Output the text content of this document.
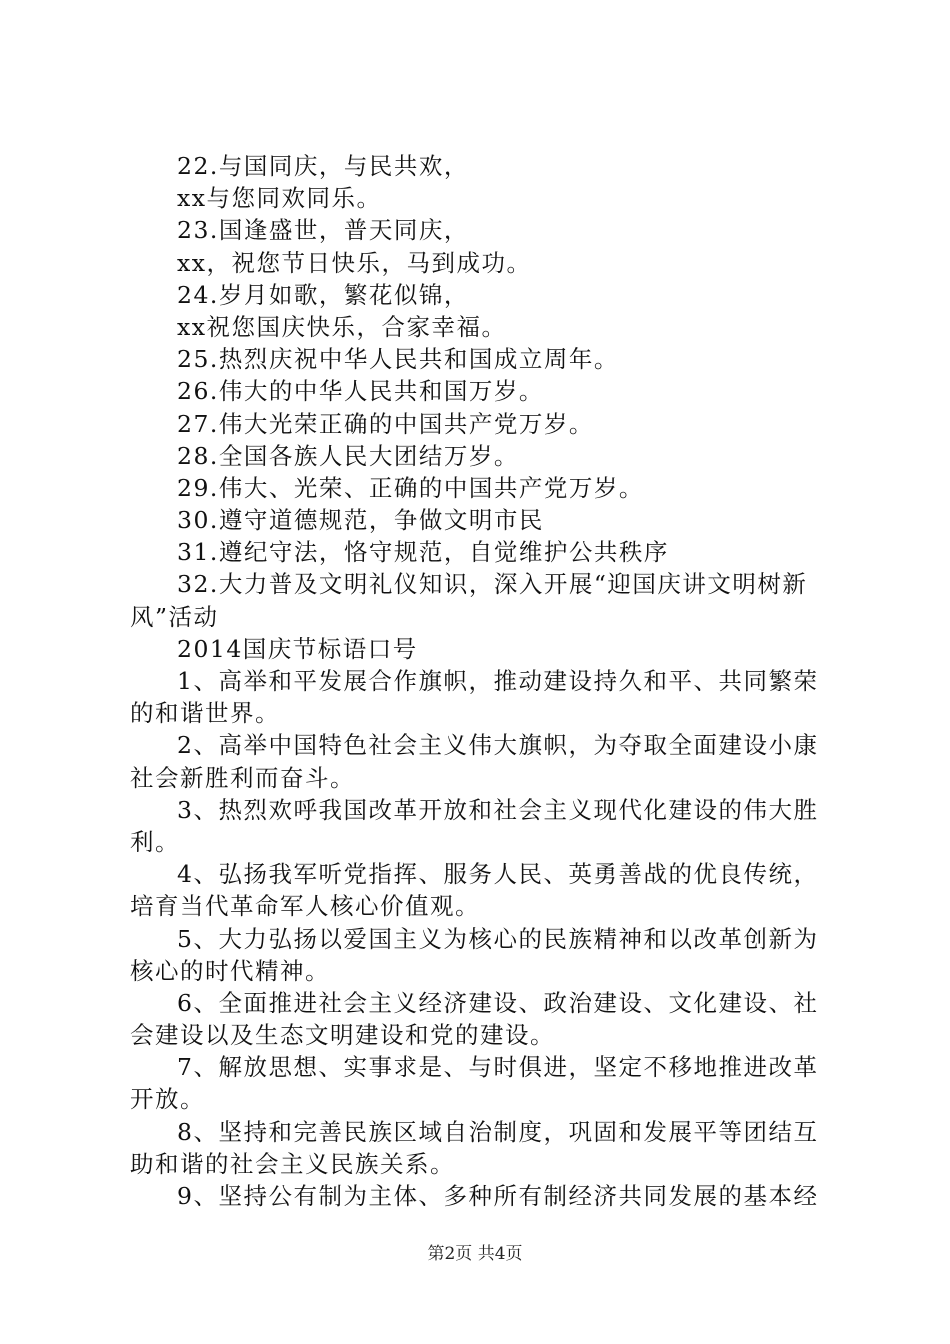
22.与国同庆，与民共欢，
xx与您同欢同乐。
23.国逢盛世，普天同庆，
xx，祝您节日快乐，马到成功。
24.岁月如歌，繁花似锦，
xx祝您国庆快乐，合家幸福。
25.热烈庆祝中华人民共和国成立周年。
26.伟大的中华人民共和国万岁。
27.伟大光荣正确的中国共产党万岁。
28.全国各族人民大团结万岁。
29.伟大、光荣、正确的中国共产党万岁。
30.遵守道德规范，争做文明市民
31.遵纪守法，恪守规范，自觉维护公共秩序
32.大力普及文明礼仪知识，深入开展“迎国庆讲文明树新
风”活动
2014国庆节标语口号
1、高举和平发展合作旗帜，推动建设持久和平、共同繁荣
的和谐世界。
2、高举中国特色社会主义伟大旗帜，为夺取全面建设小康
社会新胜利而奋斗。
3、热烈欢呼我国改革开放和社会主义现代化建设的伟大胜
利。
4、弘扬我军听党指挥、服务人民、英勇善战的优良传统，
培育当代革命军人核心价值观。
5、大力弘扬以爱国主义为核心的民族精神和以改革创新为
核心的时代精神。
6、全面推进社会主义经济建设、政治建设、文化建设、社
会建设以及生态文明建设和党的建设。
7、解放思想、实事求是、与时俱进，坚定不移地推进改革
开放。
8、坚持和完善民族区域自治制度，巩固和发展平等团结互
助和谐的社会主义民族关系。
9、坚持公有制为主体、多种所有制经济共同发展的基本经
第2页 共4页
